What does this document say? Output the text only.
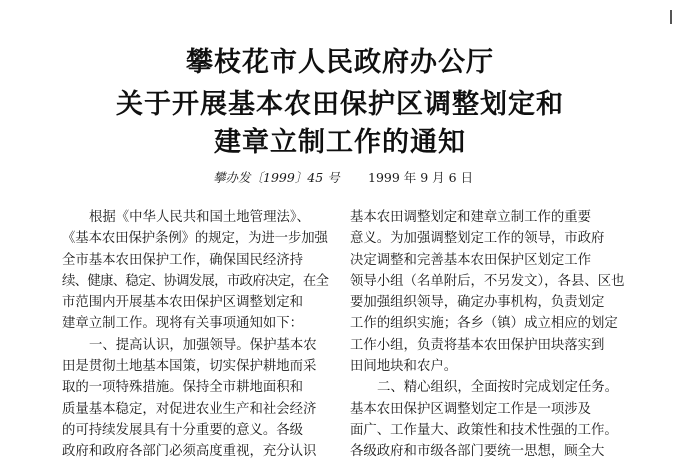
攀枝花市人民政府办公厅
关于开展基本农田保护区调整划定和
建章立制工作的通知
攀办发〔1999〕45 号 1999 年 9 月 6 日
根据《中华人民共和国土地管理法》、
《基本农田保护条例》的规定，为进一步加强
全市基本农田保护工作，确保国民经济持
续、健康、稳定、协调发展，市政府决定，在全
市范围内开展基本农田保护区调整划定和
建章立制工作。现将有关事项通知如下：
一、提高认识，加强领导。保护基本农
田是贯彻土地基本国策，切实保护耕地而采
取的一项特殊措施。保持全市耕地面积和
质量基本稳定，对促进农业生产和社会经济
的可持续发展具有十分重要的意义。各级
政府和政府各部门必须高度重视，充分认识
基本农田调整划定和建章立制工作的重要
意义。为加强调整划定工作的领导，市政府
决定调整和完善基本农田保护区划定工作
领导小组（名单附后，不另发文），各县、区也
要加强组织领导，确定办事机构，负责划定
工作的组织实施；各乡（镇）成立相应的划定
工作小组，负责将基本农田保护田块落实到
田间地块和农户。
二、精心组织，全面按时完成划定任务。
基本农田保护区调整划定工作是一项涉及
面广、工作量大、政策性和技术性强的工作。
各级政府和市级各部门要统一思想，顾全大
